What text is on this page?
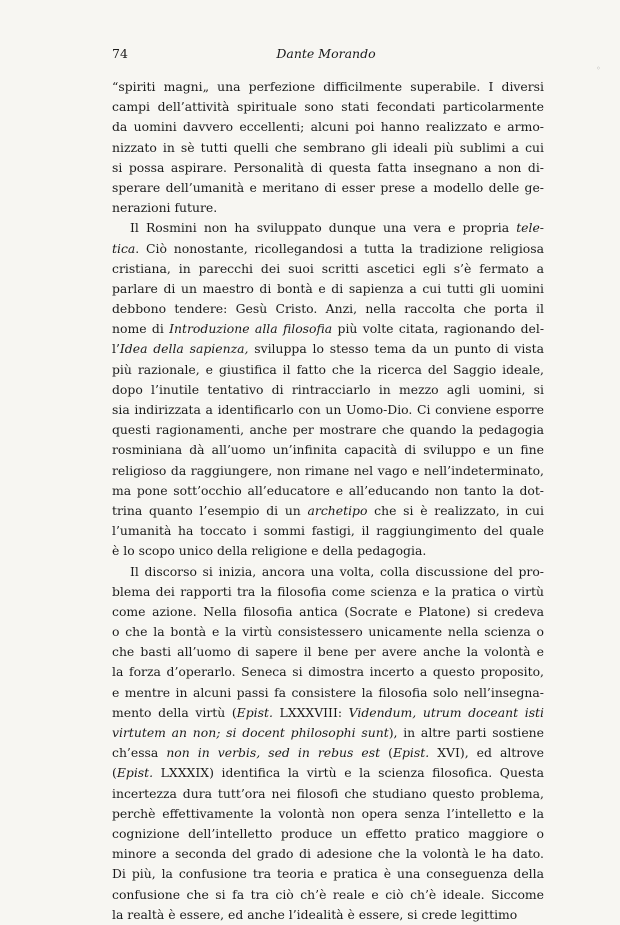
74	Dante Morando
◦
“spiriti magni„ una perfezione difficilmente superabile. I diversi
campi dell’attività spirituale sono stati fecondati particolarmente
da uomini davvero eccellenti; alcuni poi hanno realizzato e armo-
nizzato in sè tutti quelli che sembrano gli ideali più sublimi a cui
si possa aspirare. Personalità di questa fatta insegnano a non di-
sperare dell’umanità e meritano di esser prese a modello delle ge-
nerazioni future.
Il Rosmini non ha sviluppato dunque una vera e propria tele-
tica. Ciò nonostante, ricollegandosi a tutta la tradizione religiosa
cristiana, in parecchi dei suoi scritti ascetici egli s’è fermato a
parlare di un maestro di bontà e di sapienza a cui tutti gli uomini
debbono tendere: Gesù Cristo. Anzi, nella raccolta che porta il
nome di Introduzione alla filosofia più volte citata, ragionando del-
l’Idea della sapienza, sviluppa lo stesso tema da un punto di vista
più razionale, e giustifica il fatto che la ricerca del Saggio ideale,
dopo l’inutile tentativo di rintracciarlo in mezzo agli uomini, si
sia indirizzata a identificarlo con un Uomo-Dio. Ci conviene esporre
questi ragionamenti, anche per mostrare che quando la pedagogia
rosminiana dà all’uomo un’infinita capacità di sviluppo e un fine
religioso da raggiungere, non rimane nel vago e nell’indeterminato,
ma pone sott’occhio all’educatore e all’educando non tanto la dot-
trina quanto l’esempio di un archetipo che si è realizzato, in cui
l’umanità ha toccato i sommi fastigi, il raggiungimento del quale
è lo scopo unico della religione e della pedagogia.
Il discorso si inizia, ancora una volta, colla discussione del pro-
blema dei rapporti tra la filosofia come scienza e la pratica o virtù
come azione. Nella filosofia antica (Socrate e Platone) si credeva
o che la bontà e la virtù consistessero unicamente nella scienza o
che basti all’uomo di sapere il bene per avere anche la volontà e
la forza d’operarlo. Seneca si dimostra incerto a questo proposito,
e mentre in alcuni passi fa consistere la filosofia solo nell’insegna-
mento della virtù (Epist. LXXXVIII: Videndum, utrum doceant isti
virtutem an non; si docent philosophi sunt), in altre parti sostiene
ch’essa non in verbis, sed in rebus est (Epist. XVI), ed altrove
(Epist. LXXXIX) identifica la virtù e la scienza filosofica. Questa
incertezza dura tutt’ora nei filosofi che studiano questo problema,
perchè effettivamente la volontà non opera senza l’intelletto e la
cognizione dell’intelletto produce un effetto pratico maggiore o
minore a seconda del grado di adesione che la volontà le ha dato.
Di più, la confusione tra teoria e pratica è una conseguenza della
confusione che si fa tra ciò ch’è reale e ciò ch’è ideale. Siccome
la realtà è essere, ed anche l’idealità è essere, si crede legittimo
